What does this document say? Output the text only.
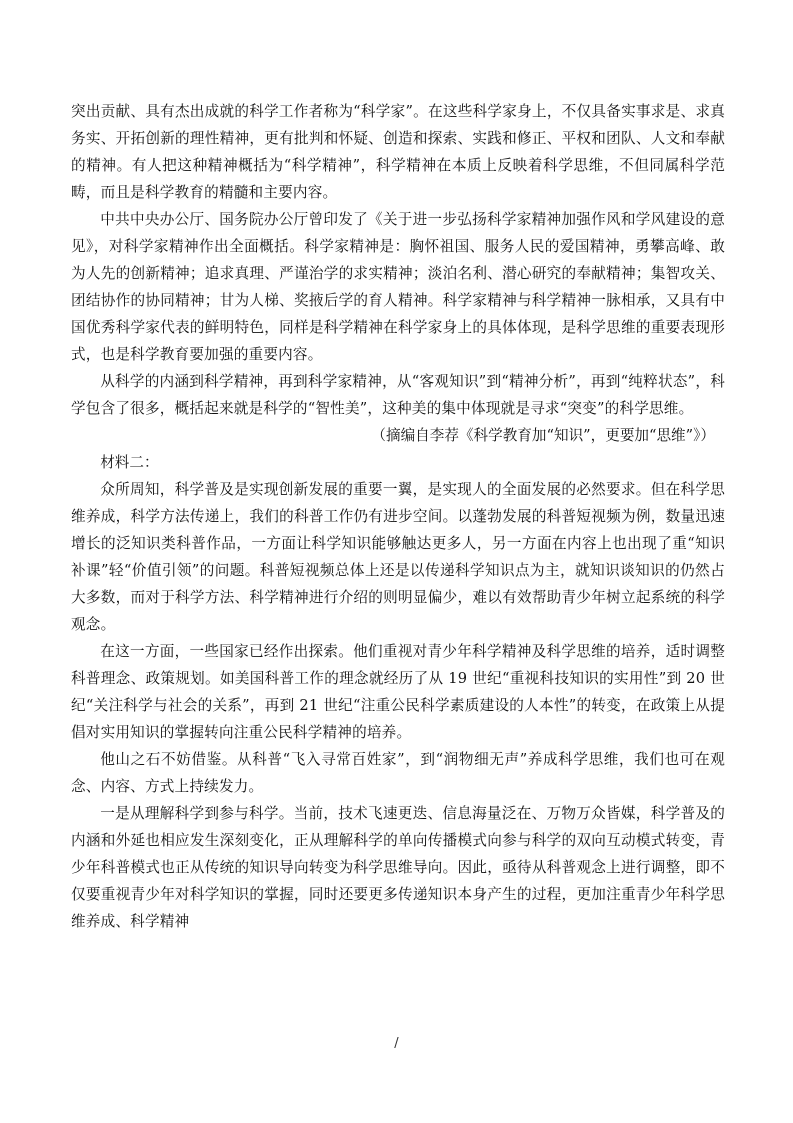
突出贡献、具有杰出成就的科学工作者称为“科学家”。在这些科学家身上，不仅具备实事求是、求真务实、开拓创新的理性精神，更有批判和怀疑、创造和探索、实践和修正、平权和团队、人文和奉献的精神。有人把这种精神概括为“科学精神”，科学精神在本质上反映着科学思维，不但同属科学范畴，而且是科学教育的精髓和主要内容。

中共中央办公厅、国务院办公厅曾印发了《关于进一步弘扬科学家精神加强作风和学风建设的意见》，对科学家精神作出全面概括。科学家精神是：胸怀祖国、服务人民的爱国精神，勇攀高峰、敢为人先的创新精神；追求真理、严谨治学的求实精神；淡泊名利、潜心研究的奉献精神；集智攻关、团结协作的协同精神；甘为人梯、奖掖后学的育人精神。科学家精神与科学精神一脉相承，又具有中国优秀科学家代表的鲜明特色，同样是科学精神在科学家身上的具体体现，是科学思维的重要表现形式，也是科学教育要加强的重要内容。

从科学的内涵到科学精神，再到科学家精神，从“客观知识”到“精神分析”，再到“纯粹状态”，科学包含了很多，概括起来就是科学的“智性美”，这种美的集中体现就是寻求“突变”的科学思维。

（摘编自李荐《科学教育加“知识”，更要加“思维”》）

材料二：

众所周知，科学普及是实现创新发展的重要一翼，是实现人的全面发展的必然要求。但在科学思维养成，科学方法传递上，我们的科普工作仍有进步空间。以蓬勃发展的科普短视频为例，数量迅速增长的泛知识类科普作品，一方面让科学知识能够触达更多人，另一方面在内容上也出现了重“知识补课”轻“价值引领”的问题。科普短视频总体上还是以传递科学知识点为主，就知识谈知识的仍然占大多数，而对于科学方法、科学精神进行介绍的则明显偏少，难以有效帮助青少年树立起系统的科学观念。

在这一方面，一些国家已经作出探索。他们重视对青少年科学精神及科学思维的培养，适时调整科普理念、政策规划。如美国科普工作的理念就经历了从 19 世纪“重视科技知识的实用性”到 20 世纪“关注科学与社会的关系”，再到 21 世纪“注重公民科学素质建设的人本性”的转变，在政策上从提倡对实用知识的掌握转向注重公民科学精神的培养。

他山之石不妨借鉴。从科普“飞入寻常百姓家”，到“润物细无声”养成科学思维，我们也可在观念、内容、方式上持续发力。

一是从理解科学到参与科学。当前，技术飞速更迭、信息海量泛在、万物万众皆媒，科学普及的内涵和外延也相应发生深刻变化，正从理解科学的单向传播模式向参与科学的双向互动模式转变，青少年科普模式也正从传统的知识导向转变为科学思维导向。因此，亟待从科普观念上进行调整，即不仅要重视青少年对科学知识的掌握，同时还要更多传递知识本身产生的过程，更加注重青少年科学思维养成、科学精神

/
